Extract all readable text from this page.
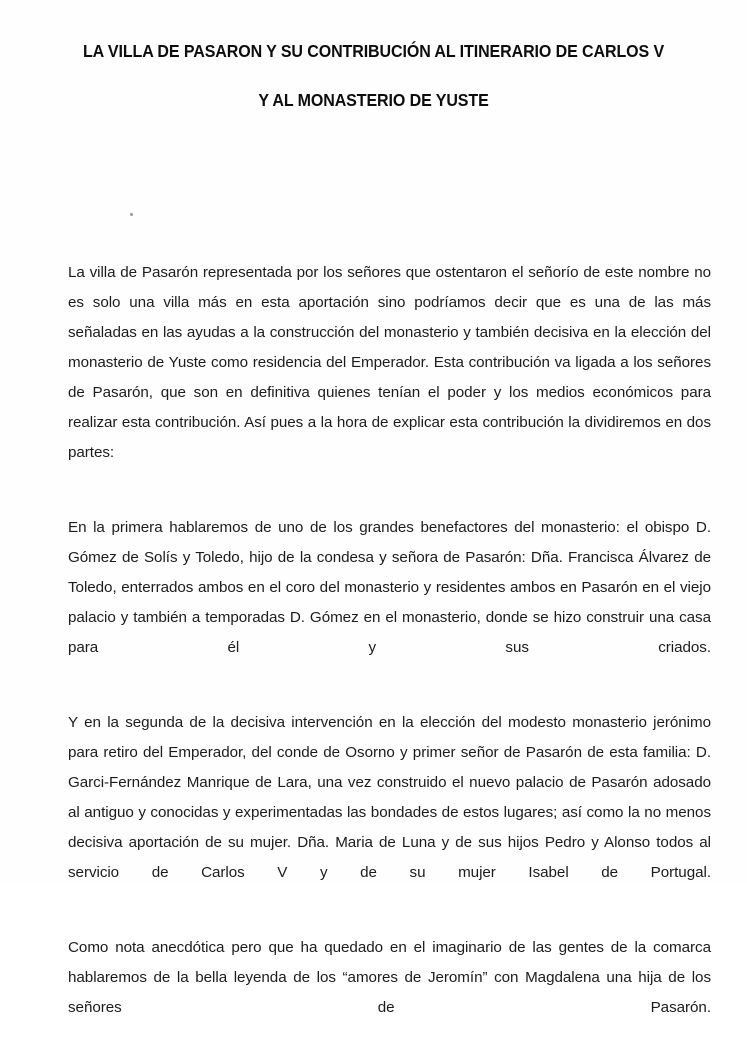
LA VILLA DE PASARON Y SU CONTRIBUCIÓN AL ITINERARIO DE CARLOS V
Y AL MONASTERIO DE YUSTE

La villa de Pasarón representada por los señores que ostentaron el señorío de este nombre no es solo una villa más en esta aportación sino podríamos decir que es una de las más señaladas en las ayudas a la construcción del monasterio y también decisiva en la elección del monasterio de Yuste como residencia del Emperador. Esta contribución va ligada a los señores de Pasarón, que son en definitiva quienes tenían el poder y los medios económicos para realizar esta contribución. Así pues a la hora de explicar esta contribución la dividiremos en dos partes:

En la primera hablaremos de uno de los grandes benefactores del monasterio: el obispo D. Gómez de Solís y Toledo, hijo de la condesa y señora de Pasarón: Dña. Francisca Álvarez de Toledo, enterrados ambos en el coro del monasterio y residentes ambos en Pasarón en el viejo palacio y también a temporadas D. Gómez en el monasterio, donde se hizo construir una casa para él y sus criados.

Y en la segunda de la decisiva intervención en la elección del modesto monasterio jerónimo para retiro del Emperador, del conde de Osorno y primer señor de Pasarón de esta familia: D. Garci-Fernández Manrique de Lara, una vez construido el nuevo palacio de Pasarón adosado al antiguo y conocidas y experimentadas las bondades de estos lugares; así como la no menos decisiva aportación de su mujer. Dña. Maria de Luna y de sus hijos Pedro y Alonso todos al servicio de Carlos V y de su mujer Isabel de Portugal.

Como nota anecdótica pero que ha quedado en el imaginario de las gentes de la comarca hablaremos de la bella leyenda de los “amores de Jeromín” con Magdalena una hija de los señores de Pasarón.
